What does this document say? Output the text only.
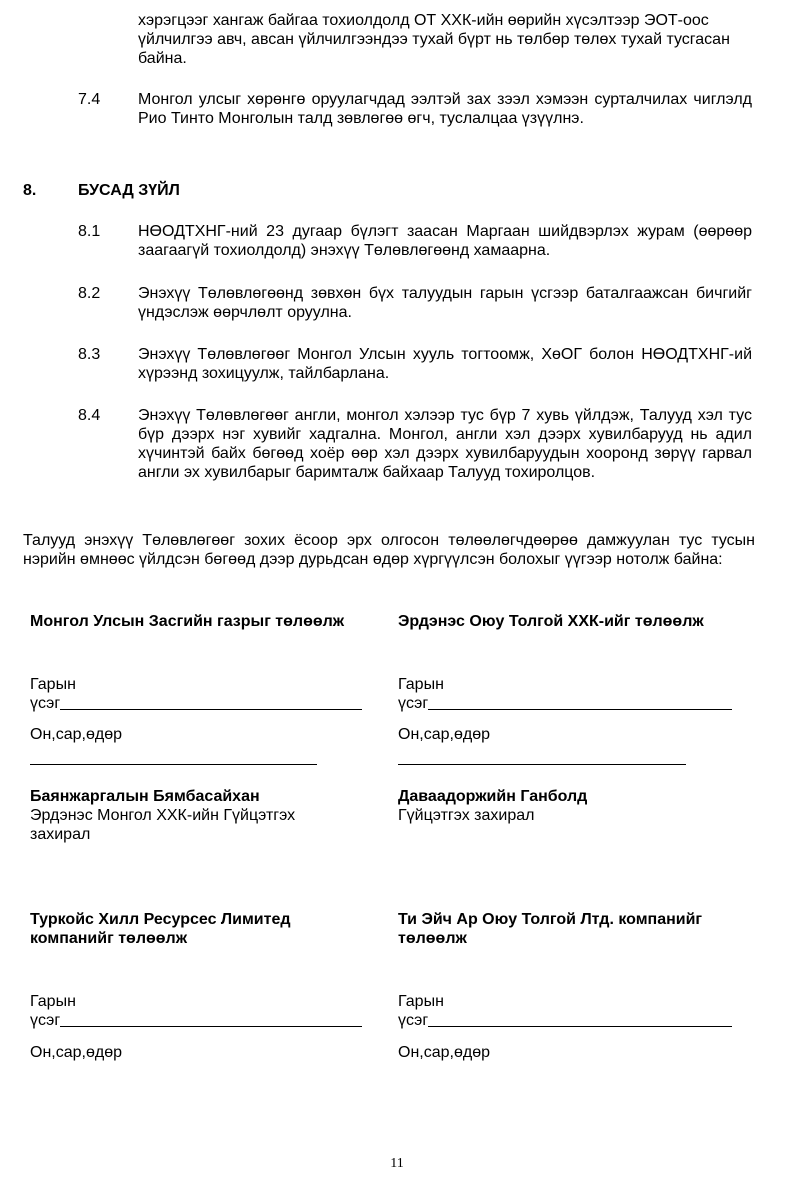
хэрэгцээг хангаж байгаа тохиолдолд ОТ ХХК-ийн өөрийн хүсэлтээр ЭОТ-оос үйлчилгээ авч, авсан үйлчилгээндээ тухай бүрт нь төлбөр төлөх тухай тусгасан байна.
7.4 Монгол улсыг хөрөнгө оруулагчдад ээлтэй зах зээл хэмээн сурталчилах чиглэлд Рио Тинто Монголын талд зөвлөгөө өгч, туслалцаа үзүүлнэ.
8.	БУСАД ЗҮЙЛ
8.1 НӨОДТХНГ-ний 23 дугаар бүлэгт заасан Маргаан шийдвэрлэх журам (өөрөөр заагаагүй тохиолдолд) энэхүү Төлөвлөгөөнд хамаарна.
8.2 Энэхүү Төлөвлөгөөнд зөвхөн бүх талуудын гарын үсгээр баталгаажсан бичгийг үндэслэж өөрчлөлт оруулна.
8.3 Энэхүү Төлөвлөгөөг Монгол Улсын хууль тогтоомж, ХөОГ болон НӨОДТХНГ-ий хүрээнд зохицуулж, тайлбарлана.
8.4 Энэхүү Төлөвлөгөөг англи, монгол хэлээр тус бүр 7 хувь үйлдэж, Талууд хэл тус бүр дээрх нэг хувийг хадгална. Монгол, англи хэл дээрх хувилбарууд нь адил хүчинтэй байх бөгөөд хоёр өөр хэл дээрх хувилбаруудын хооронд зөрүү гарвал англи эх хувилбарыг баримталж байхаар Талууд тохиролцов.
Талууд энэхүү Төлөвлөгөөг зохих ёсоор эрх олгосон төлөөлөгчдөөрөө дамжуулан тус тусын нэрийн өмнөөс үйлдсэн бөгөөд дээр дурьдсан өдөр хүргүүлсэн болохыг үүгээр нотолж байна:
Монгол Улсын Засгийн газрыг төлөөлж
Гарын
үсэг
Он,сар,өдөр
Баянжаргалын Бямбасайхан
Эрдэнэс Монгол ХХК-ийн Гүйцэтгэх захирал
Эрдэнэс Оюу Толгой ХХК-ийг төлөөлж
Гарын
үсэг
Он,сар,өдөр
Даваадоржийн Ганболд
Гүйцэтгэх захирал
Туркойс Хилл Ресурсес Лимитед компанийг төлөөлж
Гарын
үсэг
Он,сар,өдөр
Ти Эйч Ар Оюу Толгой Лтд. компанийг төлөөлж
Гарын
үсэг
Он,сар,өдөр
11
